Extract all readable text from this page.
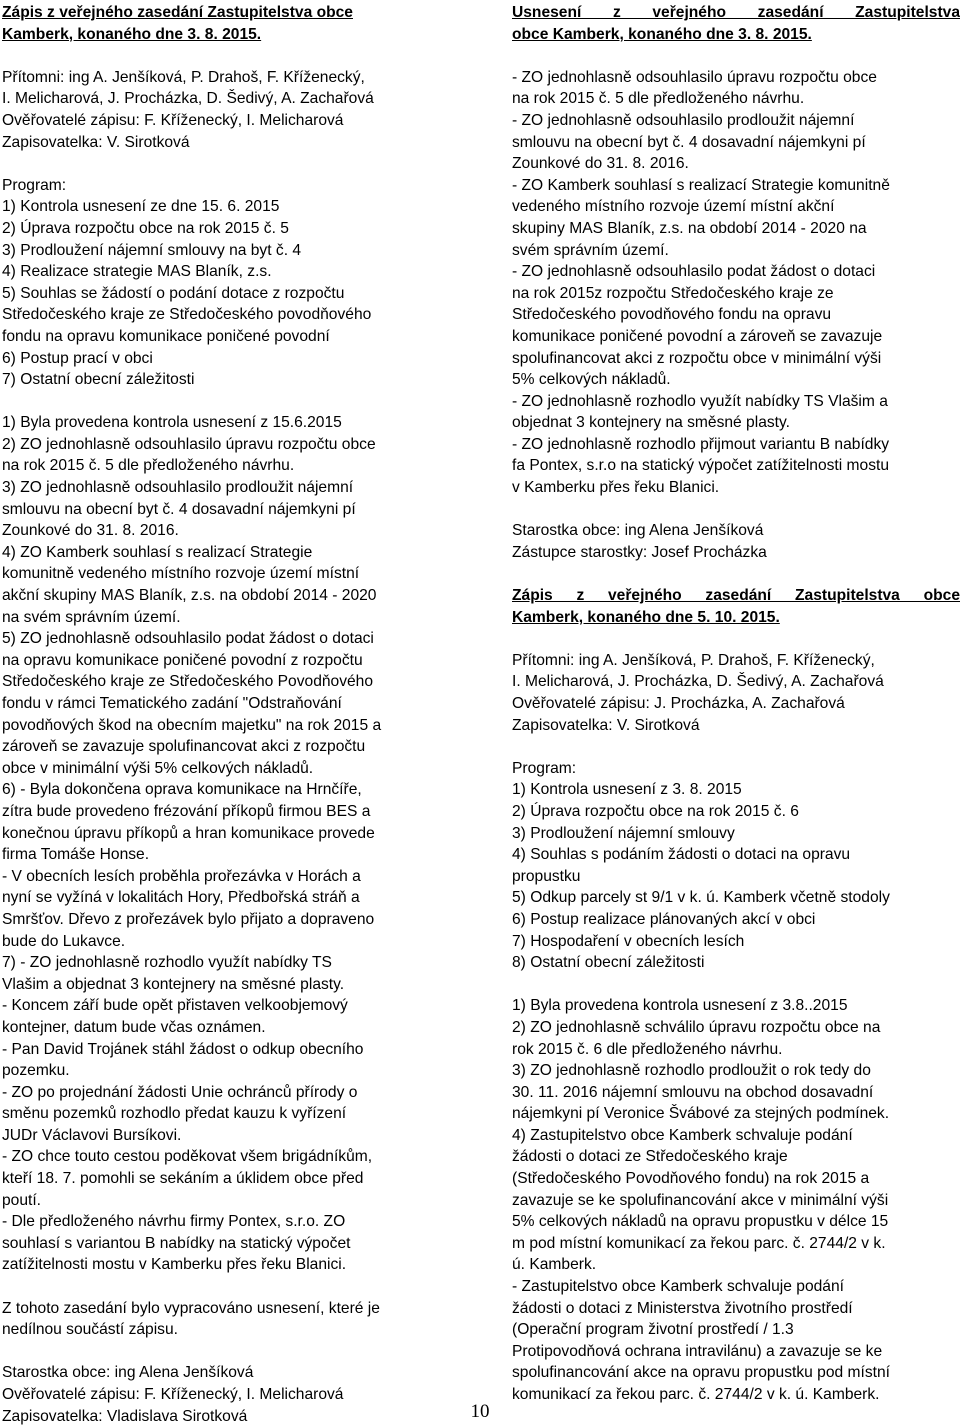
Zápis z veřejného zasedání Zastupitelstva obce
Kamberk, konaného dne 3. 8. 2015.
Přítomni: ing A. Jenšíková, P. Drahoš, F. Kříženecký,
I. Melicharová, J. Procházka, D. Šedivý, A. Zachařová
Ověřovatelé zápisu: F. Kříženecký, I. Melicharová
Zapisovatelka: V. Sirotková
Program:
1) Kontrola usnesení ze dne 15. 6. 2015
2) Úprava rozpočtu obce na rok 2015 č. 5
3) Prodloužení nájemní smlouvy na byt č. 4
4) Realizace strategie MAS Blaník, z.s.
5) Souhlas se žádostí o podání dotace z rozpočtu
Středočeského kraje ze Středočeského povodňového
fondu na opravu komunikace poničené povodní
6) Postup prací v obci
7) Ostatní obecní záležitosti
1) Byla provedena kontrola usnesení z 15.6.2015
2) ZO jednohlasně odsouhlasilo úpravu rozpočtu obce
na rok 2015 č. 5 dle předloženého návrhu.
3) ZO jednohlasně odsouhlasilo prodloužit nájemní
smlouvu na obecní byt č. 4 dosavadní nájemkyni pí
Zounkové do 31. 8. 2016.
4) ZO Kamberk souhlasí s realizací Strategie
komunitně vedeného místního rozvoje území místní
akční skupiny MAS Blaník, z.s. na období 2014 - 2020
na svém správním území.
5) ZO jednohlasně odsouhlasilo podat žádost o dotaci
na opravu komunikace poničené povodní z rozpočtu
Středočeského kraje ze Středočeského Povodňového
fondu v rámci Tematického zadání "Odstraňování
povodňových škod na obecním majetku" na rok 2015 a
zároveň se zavazuje spolufinancovat akci z rozpočtu
obce v minimální výši 5% celkových nákladů.
6) - Byla dokončena oprava komunikace na Hrnčíře,
zítra bude provedeno frézování příkopů firmou BES a
konečnou úpravu příkopů a hran komunikace provede
firma Tomáše Honse.
- V obecních lesích proběhla prořezávka v Horách a
nyní se vyžíná v lokalitách Hory, Předbořská stráň a
Smršťov. Dřevo z prořezávek bylo přijato a dopraveno
bude do Lukavce.
7) - ZO jednohlasně rozhodlo využít nabídky TS
Vlašim a objednat 3 kontejnery na směsné plasty.
- Koncem září bude opět přistaven velkoobjemový
kontejner, datum bude včas oznámen.
- Pan David Trojánek stáhl žádost o odkup obecního
pozemku.
- ZO po projednání žádosti Unie ochránců přírody o
směnu pozemků rozhodlo předat kauzu k vyřízení
JUDr Václavovi Bursíkovi.
- ZO chce touto cestou poděkovat všem brigádníkům,
kteří 18. 7. pomohli se sekáním a úklidem obce před
poutí.
- Dle předloženého návrhu firmy Pontex, s.r.o. ZO
souhlasí s variantou B nabídky na statický výpočet
zatížitelnosti mostu v Kamberku přes řeku Blanici.
Z tohoto zasedání bylo vypracováno usnesení, které je
nedílnou součástí zápisu.
Starostka obce: ing Alena Jenšíková
Ověřovatelé zápisu: F. Kříženecký, I. Melicharová
Zapisovatelka: Vladislava Sirotková
Usnesení z veřejného zasedání Zastupitelstva
obce Kamberk, konaného dne 3. 8. 2015.
- ZO jednohlasně odsouhlasilo úpravu rozpočtu obce
na rok 2015 č. 5 dle předloženého návrhu.
- ZO jednohlasně odsouhlasilo prodloužit nájemní
smlouvu na obecní byt č. 4 dosavadní nájemkyni pí
Zounkové do 31. 8. 2016.
- ZO Kamberk souhlasí s realizací Strategie komunitně
vedeného místního rozvoje území místní akční
skupiny MAS Blaník, z.s. na období 2014 - 2020 na
svém správním území.
- ZO jednohlasně odsouhlasilo podat žádost o dotaci
na rok 2015z rozpočtu Středočeského kraje ze
Středočeského povodňového fondu na opravu
komunikace poničené povodní a zároveň se zavazuje
spolufinancovat akci z rozpočtu obce v minimální výši
5% celkových nákladů.
- ZO jednohlasně rozhodlo využít nabídky TS Vlašim a
objednat 3 kontejnery na směsné plasty.
- ZO jednohlasně rozhodlo přijmout variantu B nabídky
fa Pontex, s.r.o na statický výpočet zatížitelnosti mostu
v Kamberku přes řeku Blanici.
Starostka obce: ing Alena Jenšíková
Zástupce starostky: Josef Procházka
Zápis z veřejného zasedání Zastupitelstva obce
Kamberk, konaného dne 5. 10. 2015.
Přítomni: ing A. Jenšíková, P. Drahoš, F. Kříženecký,
I. Melicharová, J. Procházka, D. Šedivý, A. Zachařová
Ověřovatelé zápisu: J. Procházka, A. Zachařová
Zapisovatelka: V. Sirotková
Program:
1) Kontrola usnesení z 3. 8. 2015
2) Úprava rozpočtu obce na rok 2015 č. 6
3) Prodloužení nájemní smlouvy
4) Souhlas s podáním žádosti o dotaci na opravu
propustku
5) Odkup parcely st 9/1 v k. ú. Kamberk včetně stodoly
6) Postup realizace plánovaných akcí v obci
7) Hospodaření v obecních lesích
8) Ostatní obecní záležitosti
1) Byla provedena kontrola usnesení z 3.8..2015
2) ZO jednohlasně schválilo úpravu rozpočtu obce na
rok 2015 č. 6 dle předloženého návrhu.
3) ZO jednohlasně rozhodlo prodloužit o rok tedy do
30. 11. 2016 nájemní smlouvu na obchod dosavadní
nájemkyni pí Veronice Švábové za stejných podmínek.
4) Zastupitelstvo obce Kamberk schvaluje podání
žádosti o dotaci ze Středočeského kraje
(Středočeského Povodňového fondu) na rok 2015 a
zavazuje se ke spolufinancování akce v minimální výši
5% celkových nákladů na opravu propustku v délce 15
m pod místní komunikací za řekou parc. č. 2744/2 v k.
ú. Kamberk.
- Zastupitelstvo obce Kamberk schvaluje podání
žádosti o dotaci z Ministerstva životního prostředí
(Operační program životní prostředí / 1.3
Protipovodňová ochrana intravilánu) a zavazuje se ke
spolufinancování akce na opravu propustku pod místní
komunikací za řekou parc. č. 2744/2 v k. ú. Kamberk.
10
